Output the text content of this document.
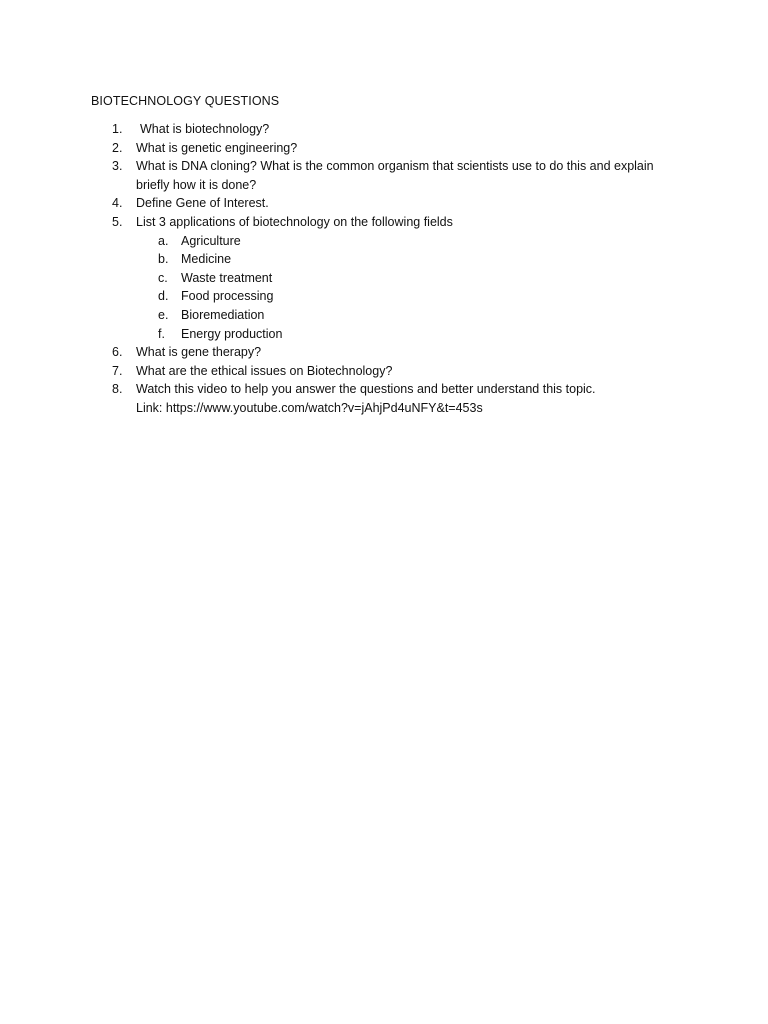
BIOTECHNOLOGY QUESTIONS
1. What is biotechnology?
2. What is genetic engineering?
3. What is DNA cloning? What is the common organism that scientists use to do this and explain
briefly how it is done?
4. Define Gene of Interest.
5. List 3 applications of biotechnology on the following fields
a. Agriculture
b. Medicine
c. Waste treatment
d. Food processing
e. Bioremediation
f. Energy production
6. What is gene therapy?
7. What are the ethical issues on Biotechnology?
8. Watch this video to help you answer the questions and better understand this topic.
Link: https://www.youtube.com/watch?v=jAhjPd4uNFY&t=453s
